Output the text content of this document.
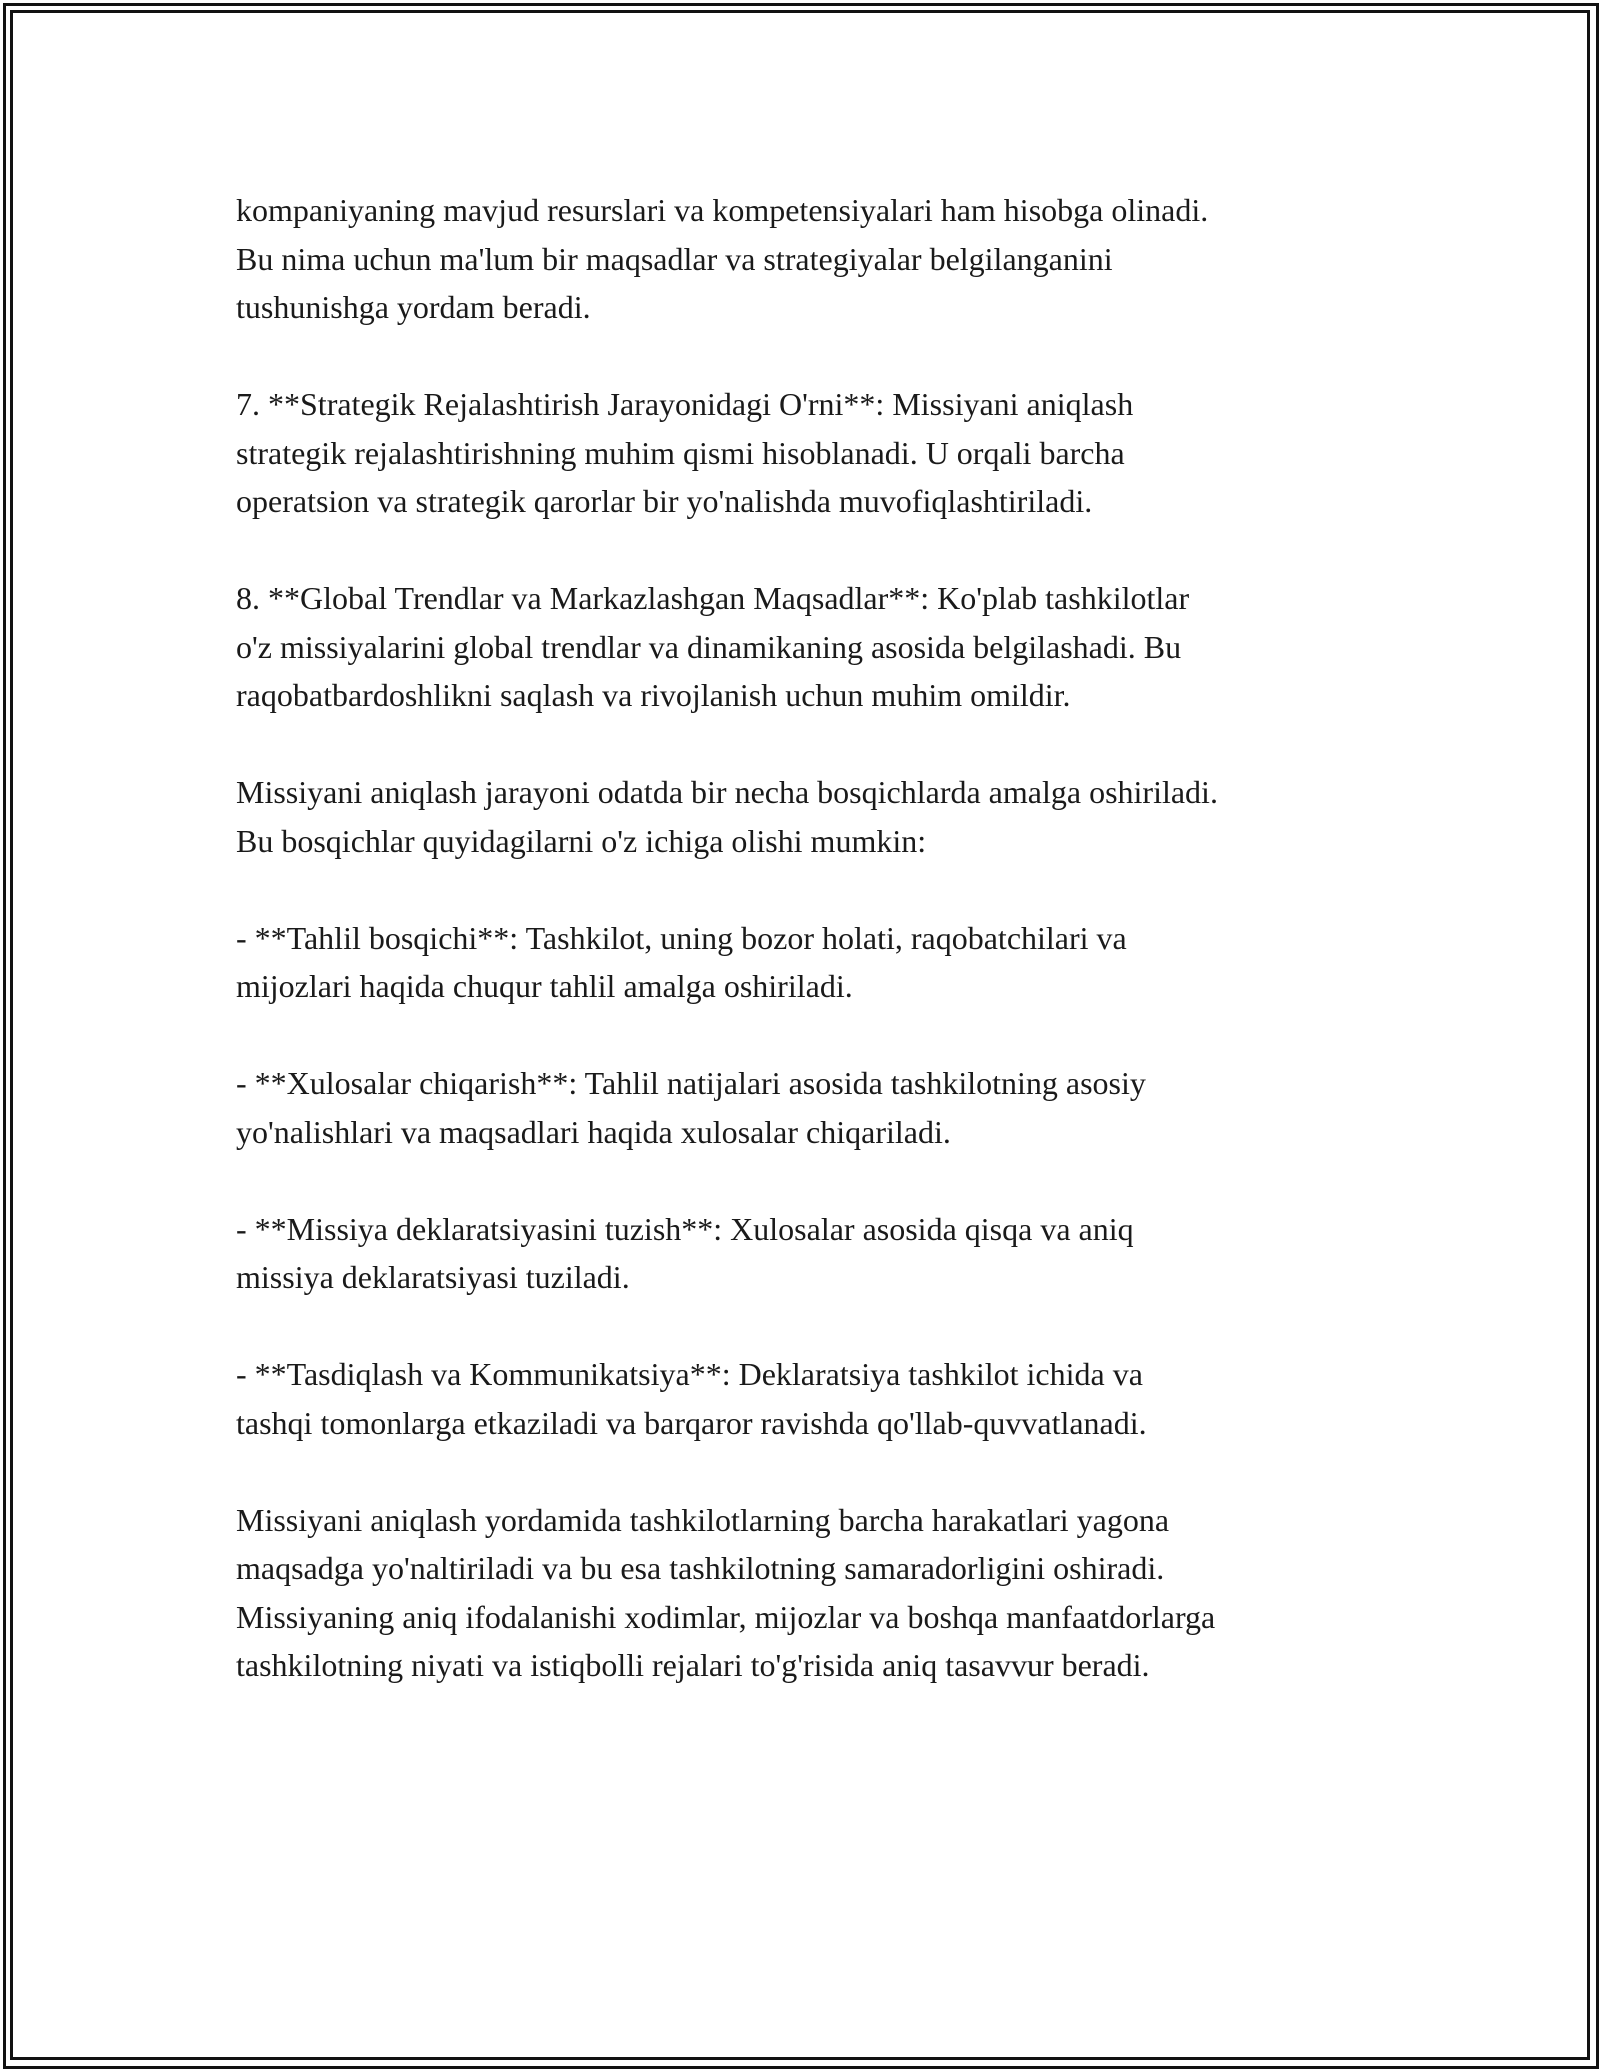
kompaniyaning mavjud resurslari va kompetensiyalari ham hisobga olinadi.
Bu nima uchun ma'lum bir maqsadlar va strategiyalar belgilanganini
tushunishga yordam beradi.

7. **Strategik Rejalashtirish Jarayonidagi O'rni**: Missiyani aniqlash
strategik rejalashtirishning muhim qismi hisoblanadi. U orqali barcha
operatsion va strategik qarorlar bir yo'nalishda muvofiqlashtiriladi.

8. **Global Trendlar va Markazlashgan Maqsadlar**: Ko'plab tashkilotlar
o'z missiyalarini global trendlar va dinamikaning asosida belgilashadi. Bu
raqobatbardoshlikni saqlash va rivojlanish uchun muhim omildir.

Missiyani aniqlash jarayoni odatda bir necha bosqichlarda amalga oshiriladi.
Bu bosqichlar quyidagilarni o'z ichiga olishi mumkin:

- **Tahlil bosqichi**: Tashkilot, uning bozor holati, raqobatchilari va
mijozlari haqida chuqur tahlil amalga oshiriladi.

- **Xulosalar chiqarish**: Tahlil natijalari asosida tashkilotning asosiy
yo'nalishlari va maqsadlari haqida xulosalar chiqariladi.

- **Missiya deklaratsiyasini tuzish**: Xulosalar asosida qisqa va aniq
missiya deklaratsiyasi tuziladi.

- **Tasdiqlash va Kommunikatsiya**: Deklaratsiya tashkilot ichida va
tashqi tomonlarga etkaziladi va barqaror ravishda qo'llab-quvvatlanadi.

Missiyani aniqlash yordamida tashkilotlarning barcha harakatlari yagona
maqsadga yo'naltiriladi va bu esa tashkilotning samaradorligini oshiradi.
Missiyaning aniq ifodalanishi xodimlar, mijozlar va boshqa manfaatdorlarga
tashkilotning niyati va istiqbolli rejalari to'g'risida aniq tasavvur beradi.
